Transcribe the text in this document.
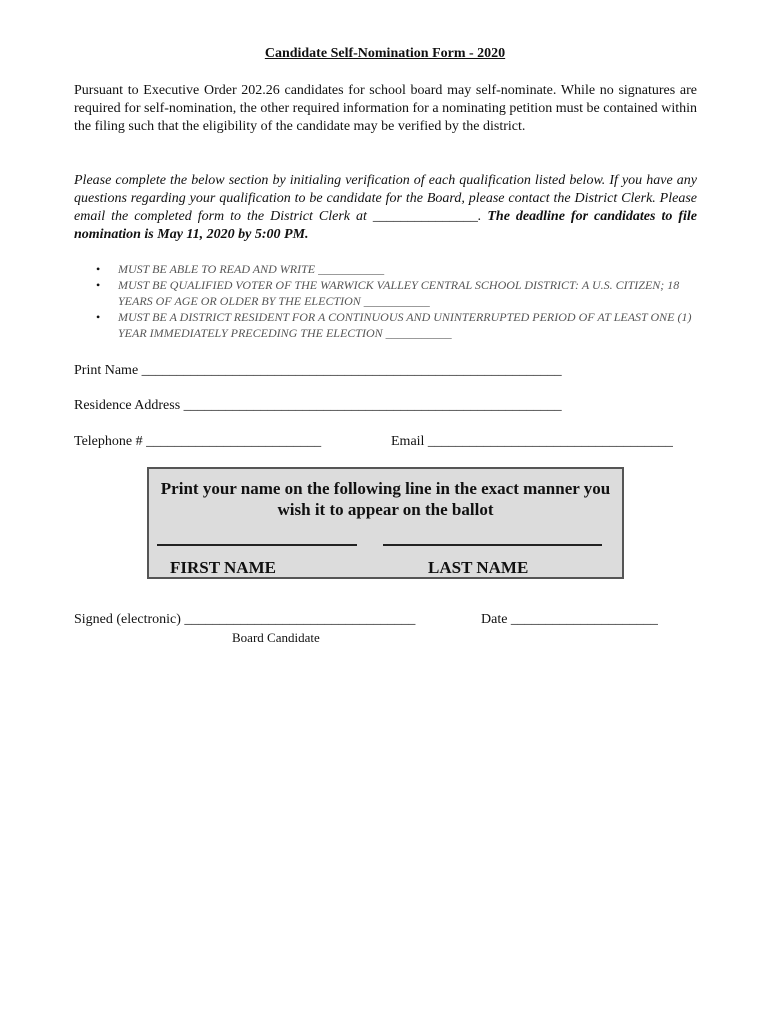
Candidate Self-Nomination Form - 2020
Pursuant to Executive Order 202.26 candidates for school board may self-nominate. While no signatures are required for self-nomination, the other required information for a nominating petition must be contained within the filing such that the eligibility of the candidate may be verified by the district.
Please complete the below section by initialing verification of each qualification listed below. If you have any questions regarding your qualification to be candidate for the Board, please contact the District Clerk. Please email the completed form to the District Clerk at _______________. The deadline for candidates to file nomination is May 11, 2020 by 5:00 PM.
• MUST BE ABLE TO READ AND WRITE ___________
• MUST BE QUALIFIED VOTER OF THE WARWICK VALLEY CENTRAL SCHOOL DISTRICT: A U.S. CITIZEN; 18 YEARS OF AGE OR OLDER BY THE ELECTION ___________
• MUST BE A DISTRICT RESIDENT FOR A CONTINUOUS AND UNINTERRUPTED PERIOD OF AT LEAST ONE (1) YEAR IMMEDIATELY PRECEDING THE ELECTION ___________
Print Name ____________________________________________________________
Residence Address ______________________________________________________
Telephone # _________________________	Email ___________________________________
Print your name on the following line in the exact manner you wish it to appear on the ballot
FIRST NAME	LAST NAME
Signed (electronic) _________________________________	Date _____________________
Board Candidate
